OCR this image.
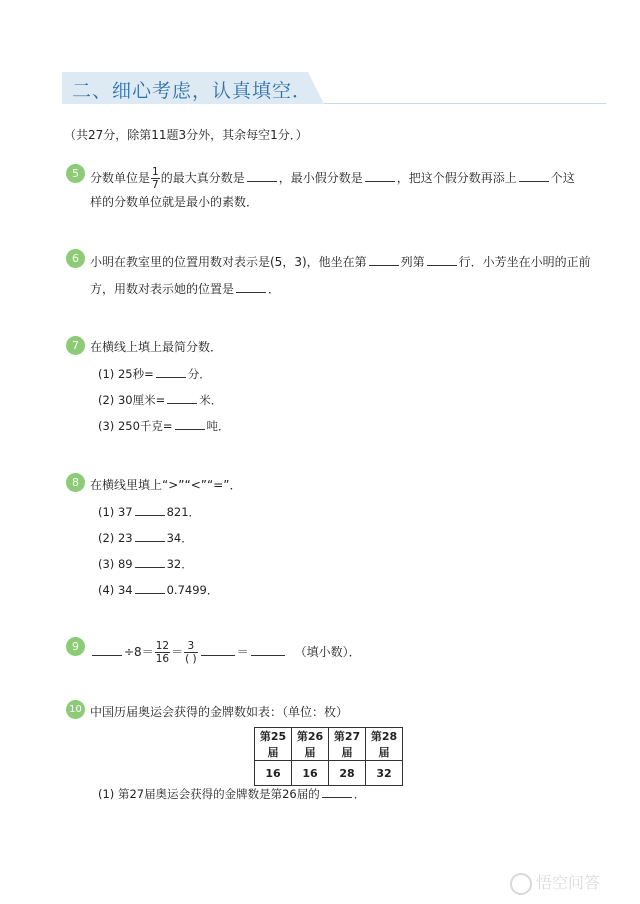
二、细心考虑，认真填空．
（共27分，除第11题3分外，其余每空1分．）
5 分数单位是 $\frac{1}{7}$ 的最大真分数是	，最小假分数是	，把这个假分数再添上	个这
样的分数单位就是最小的素数．
6 小明在教室里的位置用数对表示是(5，3)，他坐在第	列第	行．小芳坐在小明的正前
方，用数对表示她的位置是	．
7 在横线上填上最简分数．
(1) 25秒=	分．
(2) 30厘米=	米．
(3) 250千克=	吨．
8 在横线里填上“>”“<”“=”．
(1) 37	821．
(2) 23	34．
(3) 89	32．
(4) 34	0.7499．
9	$\div 8= \frac{12}{16} = \frac{3}{( )}$	＝	（填小数）．
10 中国历届奥运会获得的金牌数如表：（单位：枚）
第25届	第26届	第27届	第28届
16	16	28	32
(1) 第27届奥运会获得的金牌数是第26届的	．
悟空问答
